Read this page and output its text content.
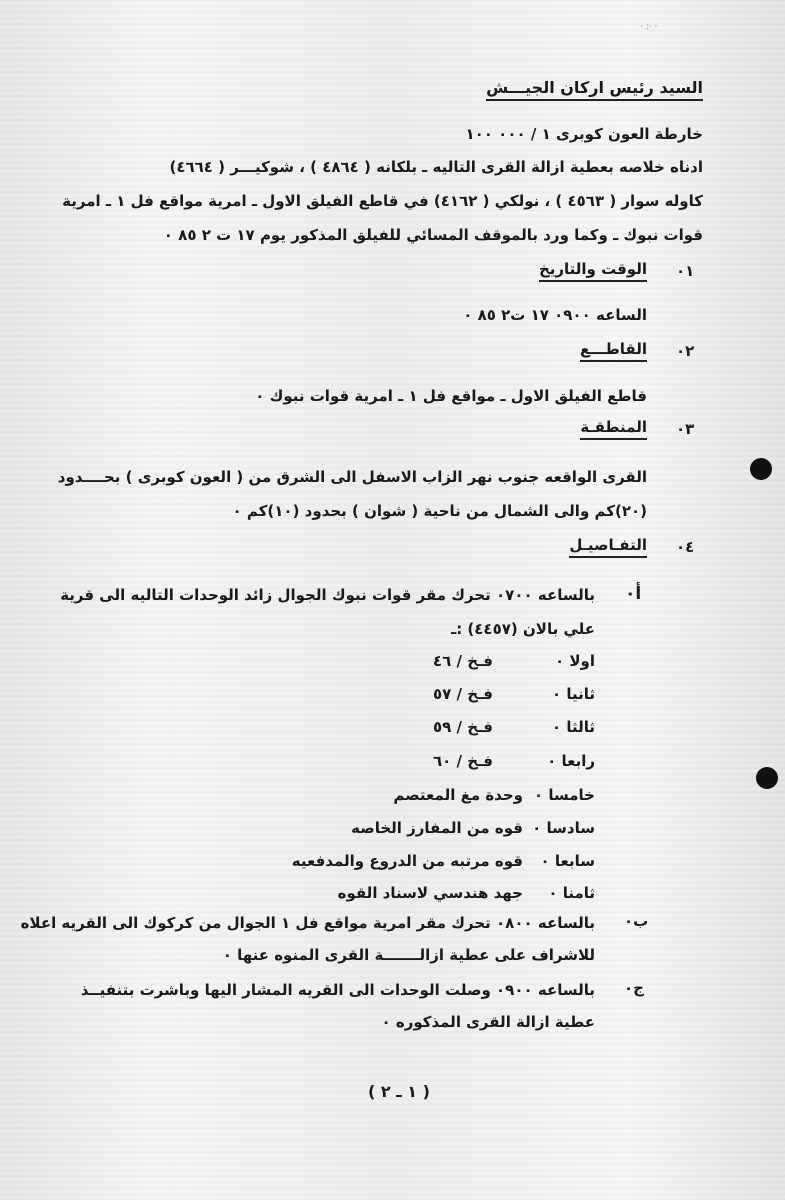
· :· ·
السيد رئيس اركان الجيـــش
خارطة العون كوبرى ١ / ٠٠٠ ١٠٠
ادناه خلاصه بعطية ازالة القرى التاليه ـ بلكانه ( ٤٨٦٤ ) ، شوكيـــر ( ٤٦٦٤)
كاوله سوار ( ٤٥٦٣ ) ، نولكي ( ٤١٦٢) في قاطع الفيلق الاول ـ امرية مواقع فل ١ ـ امرية
قوات نبوك ـ وكما ورد بالموقف المسائي للفيلق المذكور يوم ١٧ ت ٢ ٨٥ ٠
٠١
الوقت والتاريخ
الساعه ٠٩٠٠ ١٧ ت٢ ٨٥ ٠
٠٢
القاطـــع
قاطع الفيلق الاول ـ مواقع فل ١ ـ امرية قوات نبوك ٠
٠٣
المنطقـة
القرى الواقعه جنوب نهر الزاب الاسفل الى الشرق من ( العون كوبرى ) بحــــدود
(٢٠)كم والى الشمال من ناحية ( شوان ) بحدود (١٠)كم ٠
٠٤
التفـاصيـل
أ٠
بالساعه ٠٧٠٠ تحرك مقر قوات نبوك الجوال زائد الوحدات التاليه الى قرية
علي بالان (٤٤٥٧) :ـ
اولا ٠
فـخ / ٤٦
ثانيا ٠
فـخ / ٥٧
ثالثا ٠
فـخ / ٥٩
رابعا ٠
فـخ / ٦٠
خامسا ٠
وحدة مغ المعتصم
سادسا ٠
قوه من المفارز الخاصه
سابعا ٠
قوه مرتبه من الدروع والمدفعيه
ثامنا ٠
جهد هندسي لاسناد القوه
ب٠
بالساعه ٠٨٠٠ تحرك مقر امرية مواقع فل ١ الجوال من كركوك الى القريه اعلاه
للاشراف على عطية ازالـــــــة القرى المنوه عنها ٠
ج٠
بالساعه ٠٩٠٠ وصلت الوحدات الى القريه المشار اليها وباشرت بتنفيــذ
عطية ازالة القرى المذكوره ٠
( ١ ـ ٢ )
